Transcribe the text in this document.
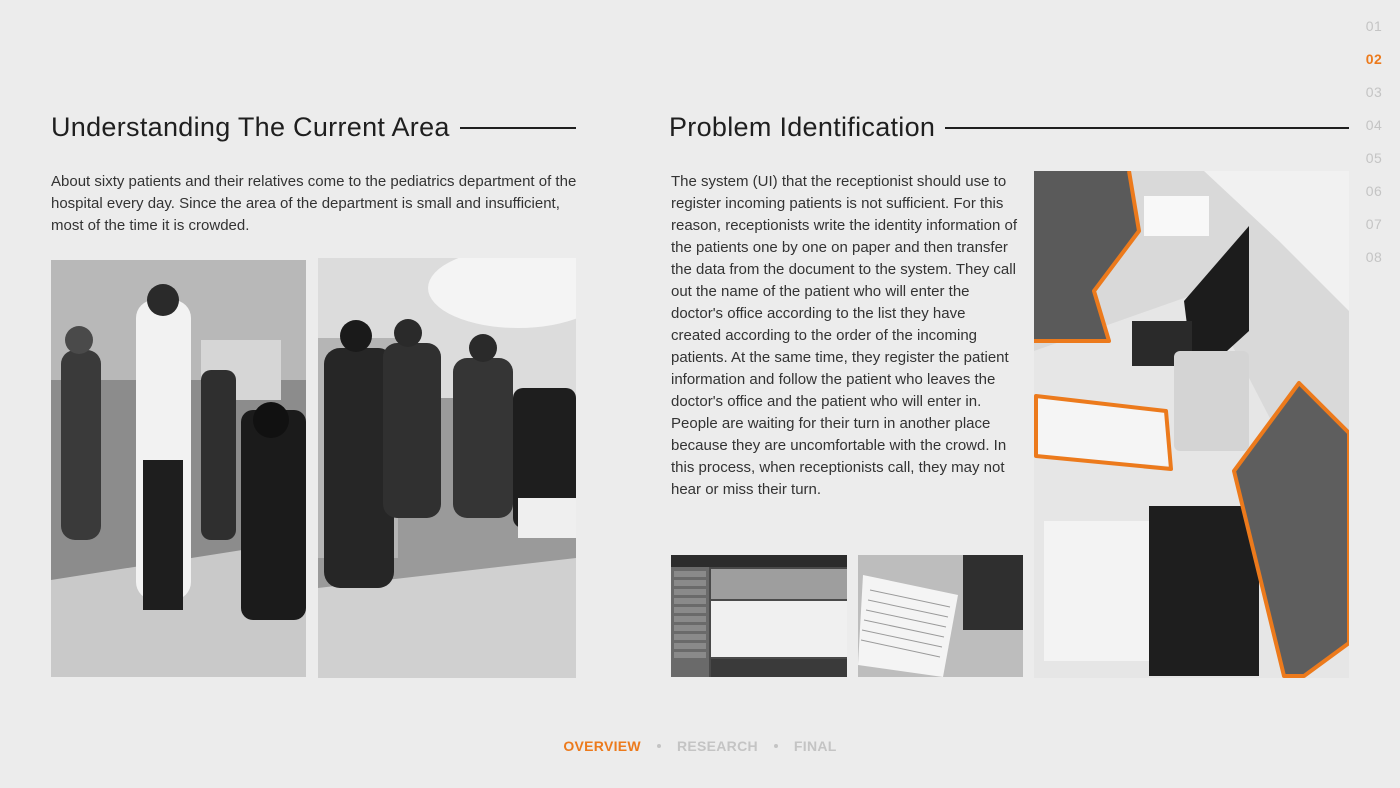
01
02
03
04
05
06
07
08
Understanding The Current Area

About sixty patients and their relatives come to the pediatrics department of the hospital every day. Since the area of the department is small and insufficient, most of the time it is crowded.

Problem Identification

The system (UI) that the receptionist should use to register incoming patients is not sufficient. For this reason, receptionists write the identity information of the patients one by one on paper and then transfer the data from the document to the system. They call out the name of the patient who will enter the doctor's office according to the list they have created according to the order of the incoming patients. At the same time, they register the patient information and follow the patient who leaves the doctor's office and the patient who will enter in. People are waiting for their turn in another place because they are uncomfortable with the crowd. In this process, when receptionists call, they may not hear or miss their turn.

OVERVIEW	RESEARCH	FINAL
